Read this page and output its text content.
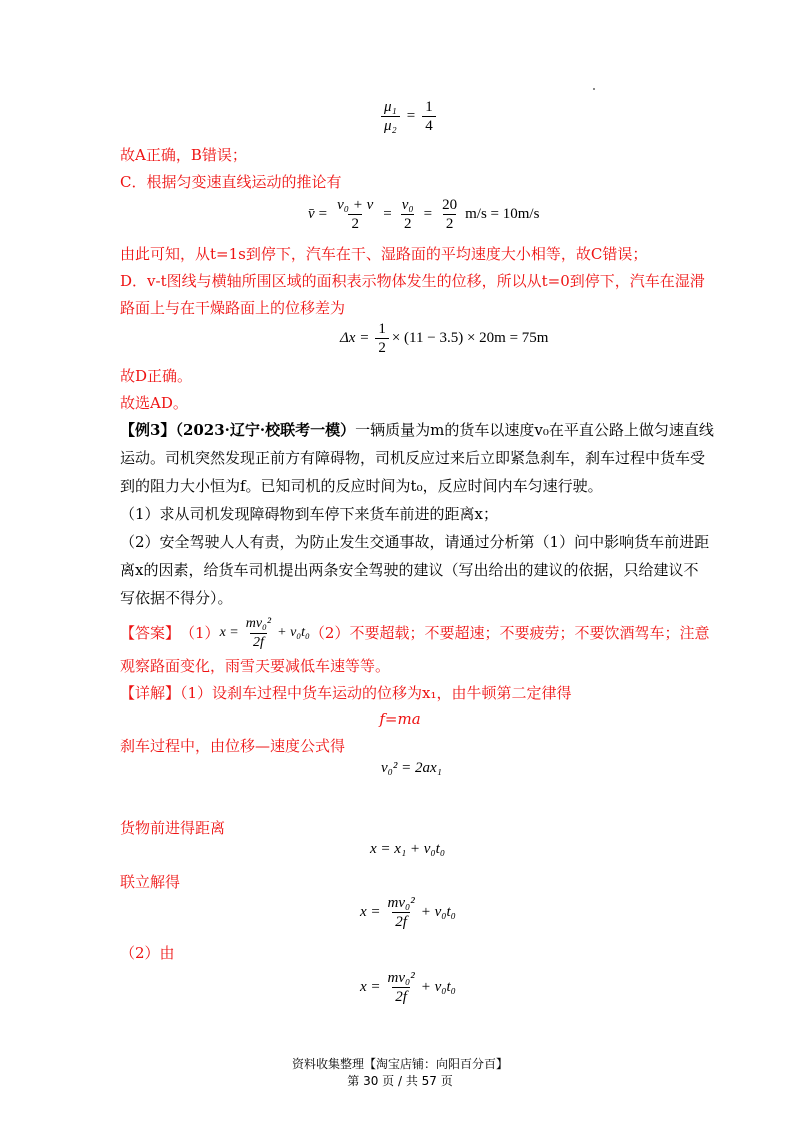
$\frac{\text{μ₁}}{\text{μ₂}} = \frac{1}{4}$
故A正确，B错误；
C．根据匀变速直线运动的推论有
v̄ = $\frac{\text{v₀ + v}}{2} = \frac{\text{v₀}}{2} = \frac{20}{2} m/s = 10m/s$
由此可知，从t=1s到停下，汽车在干、湿路面的平均速度大小相等，故C错误；
D．v-t图线与横轴所围区域的面积表示物体发生的位移，所以从t=0到停下，汽车在湿滑
路面上与在干燥路面上的位移差为
$\Delta x = \frac{1}{2} \times (11 - 3.5) \times 20m = 75m$
故D正确。
故选AD。
【例3】（2023·辽宁·校联考一模）一辆质量为m的货车以速度v₀在平直公路上做匀速直线
运动。司机突然发现正前方有障碍物，司机反应过来后立即紧急刹车，刹车过程中货车受
到的阻力大小恒为f。已知司机的反应时间为t₀，反应时间内车匀速行驶。
（1）求从司机发现障碍物到车停下来货车前进的距离x；
（2）安全驾驶人人有责，为防止发生交通事故，请通过分析第（1）问中影响货车前进距
离x的因素，给货车司机提出两条安全驾驶的建议（写出给出的建议的依据，只给建议不
写依据不得分）。
【答案】 （1） $x = \frac{\text{mv₀²}}{2f} + v_0t_0$ （2）不要超载；不要超速；不要疲劳；不要饮酒驾车；注意
观察路面变化，雨雪天要减低车速等等。
【详解】（1）设刹车过程中货车运动的位移为x₁，由牛顿第二定律得
f=ma
刹车过程中，由位移—速度公式得
v₀² = 2ax₁
货物前进得距离
x = x₁ + v₀t₀
联立解得
$x = \frac{\text{mv₀²}}{2f} + v_0t_0$
（2）由
$x = \frac{\text{mv₀²}}{2f} + v_0t_0$
资料收集整理【淘宝店铺：向阳百分百】
第 30 页 / 共 57 页
